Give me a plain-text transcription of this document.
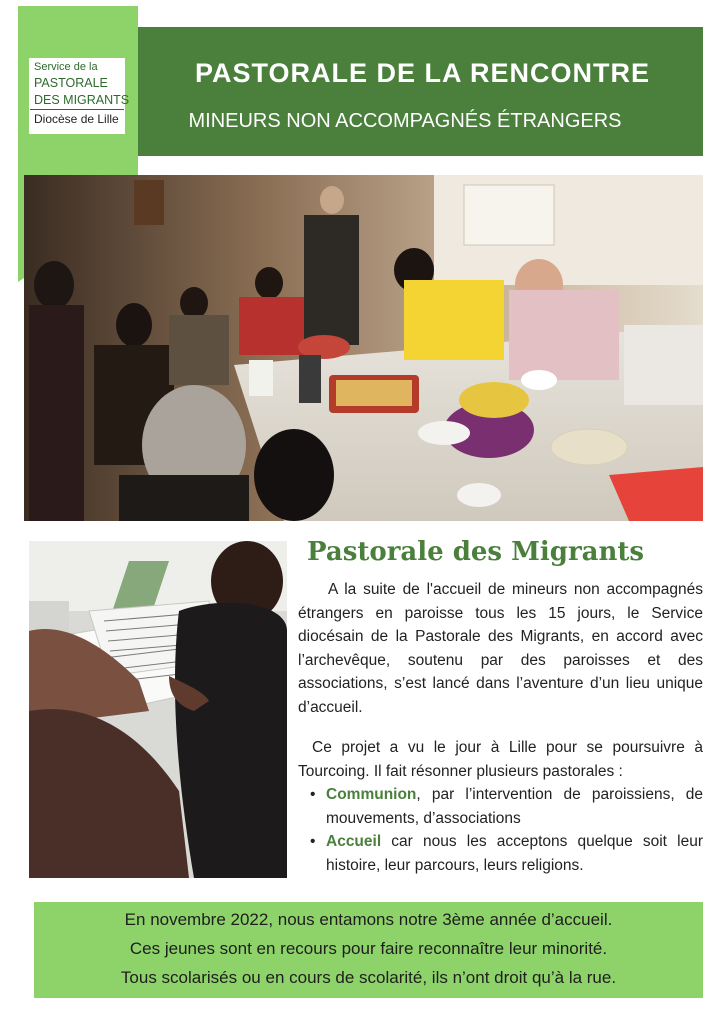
PASTORALE DE LA RENCONTRE
MINEURS NON ACCOMPAGNÉS ÉTRANGERS
Service de la
PASTORALE
DES MIGRANTS
Diocèse de Lille
Pastorale des Migrants
A la suite de l'accueil de mineurs non accompagnés étrangers en paroisse tous les 15 jours, le Service diocésain de la Pastorale des Migrants, en accord avec l’archevêque, soutenu par des paroisses et des associations, s’est lancé dans l’aventure d’un lieu unique d’accueil.
Ce projet a vu le jour à Lille pour se poursuivre à Tourcoing. Il fait résonner plusieurs pastorales :
• Communion, par l’intervention de paroissiens, de mouvements, d’associations
• Accueil car nous les acceptons quelque soit leur histoire, leur parcours, leurs religions.
En novembre 2022, nous entamons notre 3ème année d’accueil.
Ces jeunes sont en recours pour faire reconnaître leur minorité.
Tous scolarisés ou en cours de scolarité, ils n’ont droit qu’à la rue.
